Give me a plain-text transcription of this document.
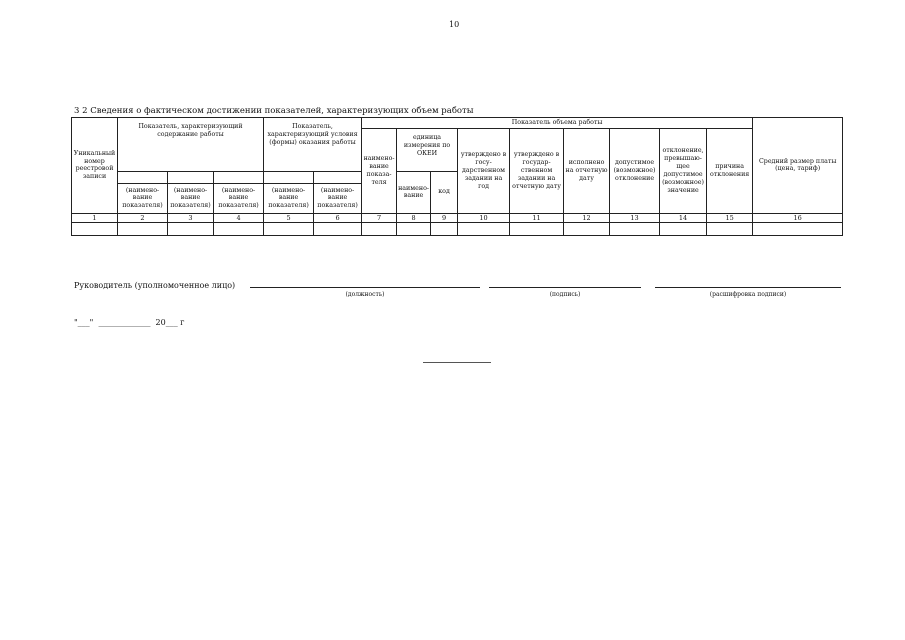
10
3 2 Сведения о фактическом достижении показателей, характеризующих объем работы
Уникальный номер реестровой записи	Показатель, характеризующий содержание работы			Показатель, характеризующий условия (формы) оказания работы		Показатель объема работы									Средний размер платы (цена, тариф)
						наимено-вание показа-теля	единица измерения по ОКЕИ		утверждено в госу-дарственном задании на год	утверждено в государ-ственном задании на отчетную дату	исполнено на отчетную дату	допустимое (возможное) отклонение	отклонение, превышаю-щее допустимое (возможное) значение	причина отклонения	
							наимено-вание	код							
	(наимено-вание показателя)	(наимено-вание показателя)	(наимено-вание показателя)	(наимено-вание показателя)	(наимено-вание показателя)										
1	2	3	4	5	6	7	8	9	10	11	12	13	14	15	16

Руководитель (уполномоченное лицо)
(должность)	(подпись)	(расшифровка подписи)
"___"  _____________  20___ г
